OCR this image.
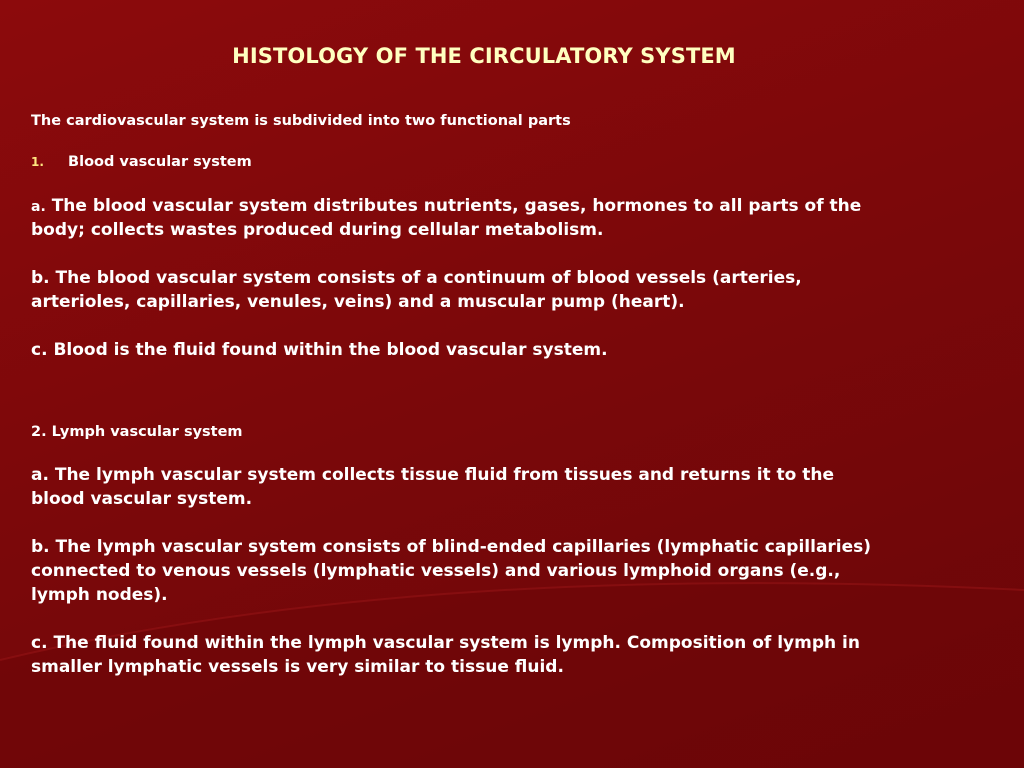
HISTOLOGY OF THE CIRCULATORY SYSTEM
The cardiovascular system is subdivided into two functional parts
1. Blood vascular system
a. The blood vascular system distributes nutrients, gases, hormones to all parts of the
body; collects wastes produced during cellular metabolism.
b. The blood vascular system consists of a continuum of blood vessels (arteries,
arterioles, capillaries, venules, veins) and a muscular pump (heart).
c. Blood is the fluid found within the blood vascular system.
2. Lymph vascular system
a. The lymph vascular system collects tissue fluid from tissues and returns it to the
blood vascular system.
b. The lymph vascular system consists of blind-ended capillaries (lymphatic capillaries)
connected to venous vessels (lymphatic vessels) and various lymphoid organs (e.g.,
lymph nodes).
c. The fluid found within the lymph vascular system is lymph. Composition of lymph in
smaller lymphatic vessels is very similar to tissue fluid.
